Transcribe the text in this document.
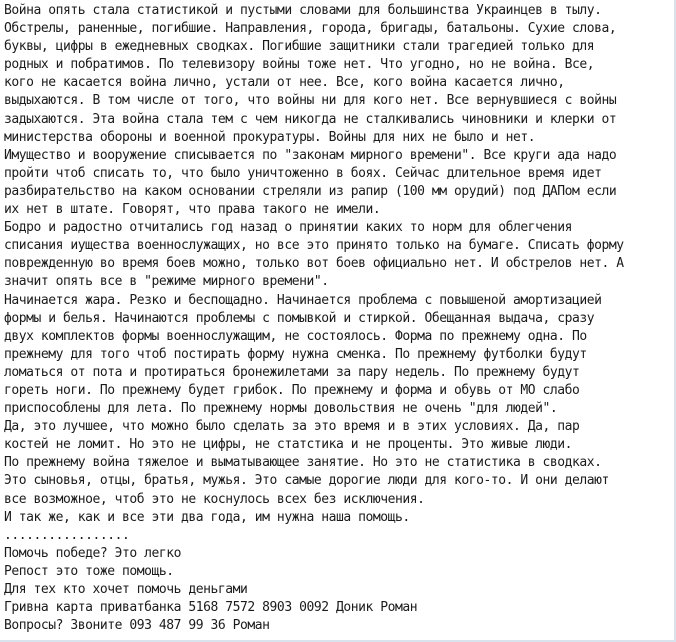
Война опять стала статистикой и пустыми словами для большинства Украинцев в тылу.
Обстрелы, раненные, погибшие. Направления, города, бригады, батальоны. Сухие слова,
буквы, цифры в ежедневных сводках. Погибшие защитники стали трагедией только для
родных и побратимов. По телевизору войны тоже нет. Что угодно, но не война. Все,
кого не касается война лично, устали от нее. Все, кого война касается лично,
выдыхаются. В том числе от того, что войны ни для кого нет. Все вернувшиеся с войны
задыхаются. Эта война стала тем с чем никогда не сталкивались чиновники и клерки от
министерства обороны и военной прокуратуры. Войны для них не было и нет.
Имущество и вооружение списывается по "законам мирного времени". Все круги ада надо
пройти чтоб списать то, что было уничтоженно в боях. Сейчас длительное время идет
разбирательство на каком основании стреляли из рапир (100 мм орудий) под ДАПом если
их нет в штате. Говорят, что права такого не имели.
Бодро и радостно отчитались год назад о принятии каких то норм для облегчения
списания иущества военнослужащих, но все это принято только на бумаге. Списать форму
поврежденную во время боев можно, только вот боев официально нет. И обстрелов нет. А
значит опять все в "режиме мирного времени".
Начинается жара. Резко и беспощадно. Начинается проблема с повышеной амортизацией
формы и белья. Начинаются проблемы с помывкой и стиркой. Обещанная выдача, сразу
двух комплектов формы военнослужащим, не состоялось. Форма по прежнему одна. По
прежнему для того чтоб постирать форму нужна сменка. По прежнему футболки будут
ломаться от пота и протираться бронежилетами за пару недель. По прежнему будут
гореть ноги. По прежнему будет грибок. По прежнему и форма и обувь от МО слабо
приспособлены для лета. По прежнему нормы довольствия не очень "для людей".
Да, это лучшее, что можно было сделать за это время и в этих условиях. Да, пар
костей не ломит. Но это не цифры, не статстика и не проценты. Это живые люди.
По прежнему война тяжелое и выматывающее занятие. Но это не статистика в сводках.
Это сыновья, отцы, братья, мужья. Это самые дорогие люди для кого-то. И они делают
все возможное, чтоб это не коснулось всех без исключения.
И так же, как и все эти два года, им нужна наша помощь.
.................
Помочь победе? Это легко
Репост это тоже помощь.
Для тех кто хочет помочь деньгами
Гривна карта приватбанка 5168 7572 8903 0092 Доник Роман
Вопросы? Звоните 093 487 99 36 Роман
